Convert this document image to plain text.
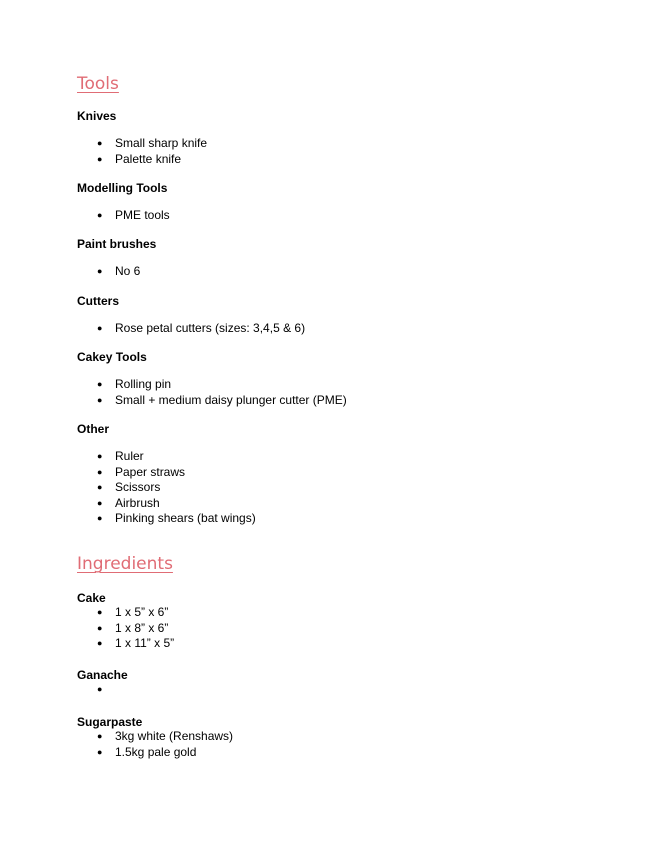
Tools
Knives
● Small sharp knife
● Palette knife
Modelling Tools
● PME tools
Paint brushes
● No 6
Cutters
● Rose petal cutters (sizes: 3,4,5 & 6)
Cakey Tools
● Rolling pin
● Small + medium daisy plunger cutter (PME)
Other
● Ruler
● Paper straws
● Scissors
● Airbrush
● Pinking shears (bat wings)
Ingredients
Cake
● 1 x 5” x 6”
● 1 x 8” x 6”
● 1 x 11” x 5”
Ganache
●
Sugarpaste
● 3kg white (Renshaws)
● 1.5kg pale gold
